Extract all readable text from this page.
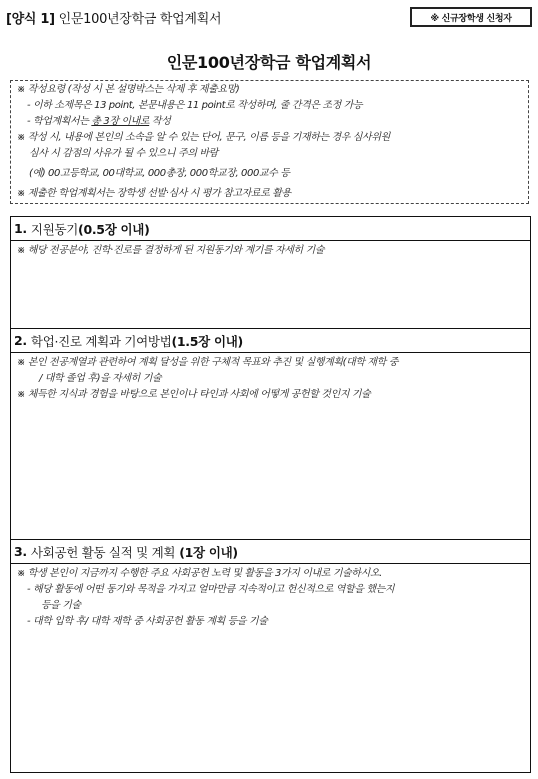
[양식 1] 인문100년장학금 학업계획서	※ 신규장학생 신청자
인문100년장학금 학업계획서
※ 작성요령 (작성 시 본 설명박스는 삭제 후 제출요망)
- 이하 소제목은 13 point, 본문내용은 11 point로 작성하며, 줄 간격은 조정 가능
- 학업계획서는 총 3장 이내로 작성
※ 작성 시, 내용에 본인의 소속을 알 수 있는 단어, 문구, 이름 등을 기재하는 경우 심사위원
심사 시 감점의 사유가 될 수 있으니 주의 바람
(예) 00고등학교, 00대학교, 000총장, 000학교장, 000교수 등
※ 제출한 학업계획서는 장학생 선발·심사 시 평가 참고자료로 활용
1.
지원동기 (0.5장 이내)
※ 해당 전공분야, 진학·진로를 결정하게 된 지원동기와 계기를 자세히 기술
2.
학업·진로 계획과 기여방법 (1.5장 이내)
※ 본인 전공계열과 관련하여 계획 달성을 위한 구체적 목표와 추진 및 실행계획(대학 재학 중
/ 대학 졸업 후)을 자세히 기술
※ 체득한 지식과 경험을 바탕으로 본인이나 타인과 사회에 어떻게 공헌할 것인지 기술
3.
사회공헌 활동 실적 및 계획
(1장 이내)
※ 학생 본인이 지금까지 수행한 주요 사회공헌 노력 및 활동을 3가지 이내로 기술하시오.
- 해당 활동에 어떤 동기와 목적을 가지고 얼마만큼 지속적이고 헌신적으로 역할을 했는지
등을 기술
- 대학 입학 후/ 대학 재학 중 사회공헌 활동 계획 등을 기술
